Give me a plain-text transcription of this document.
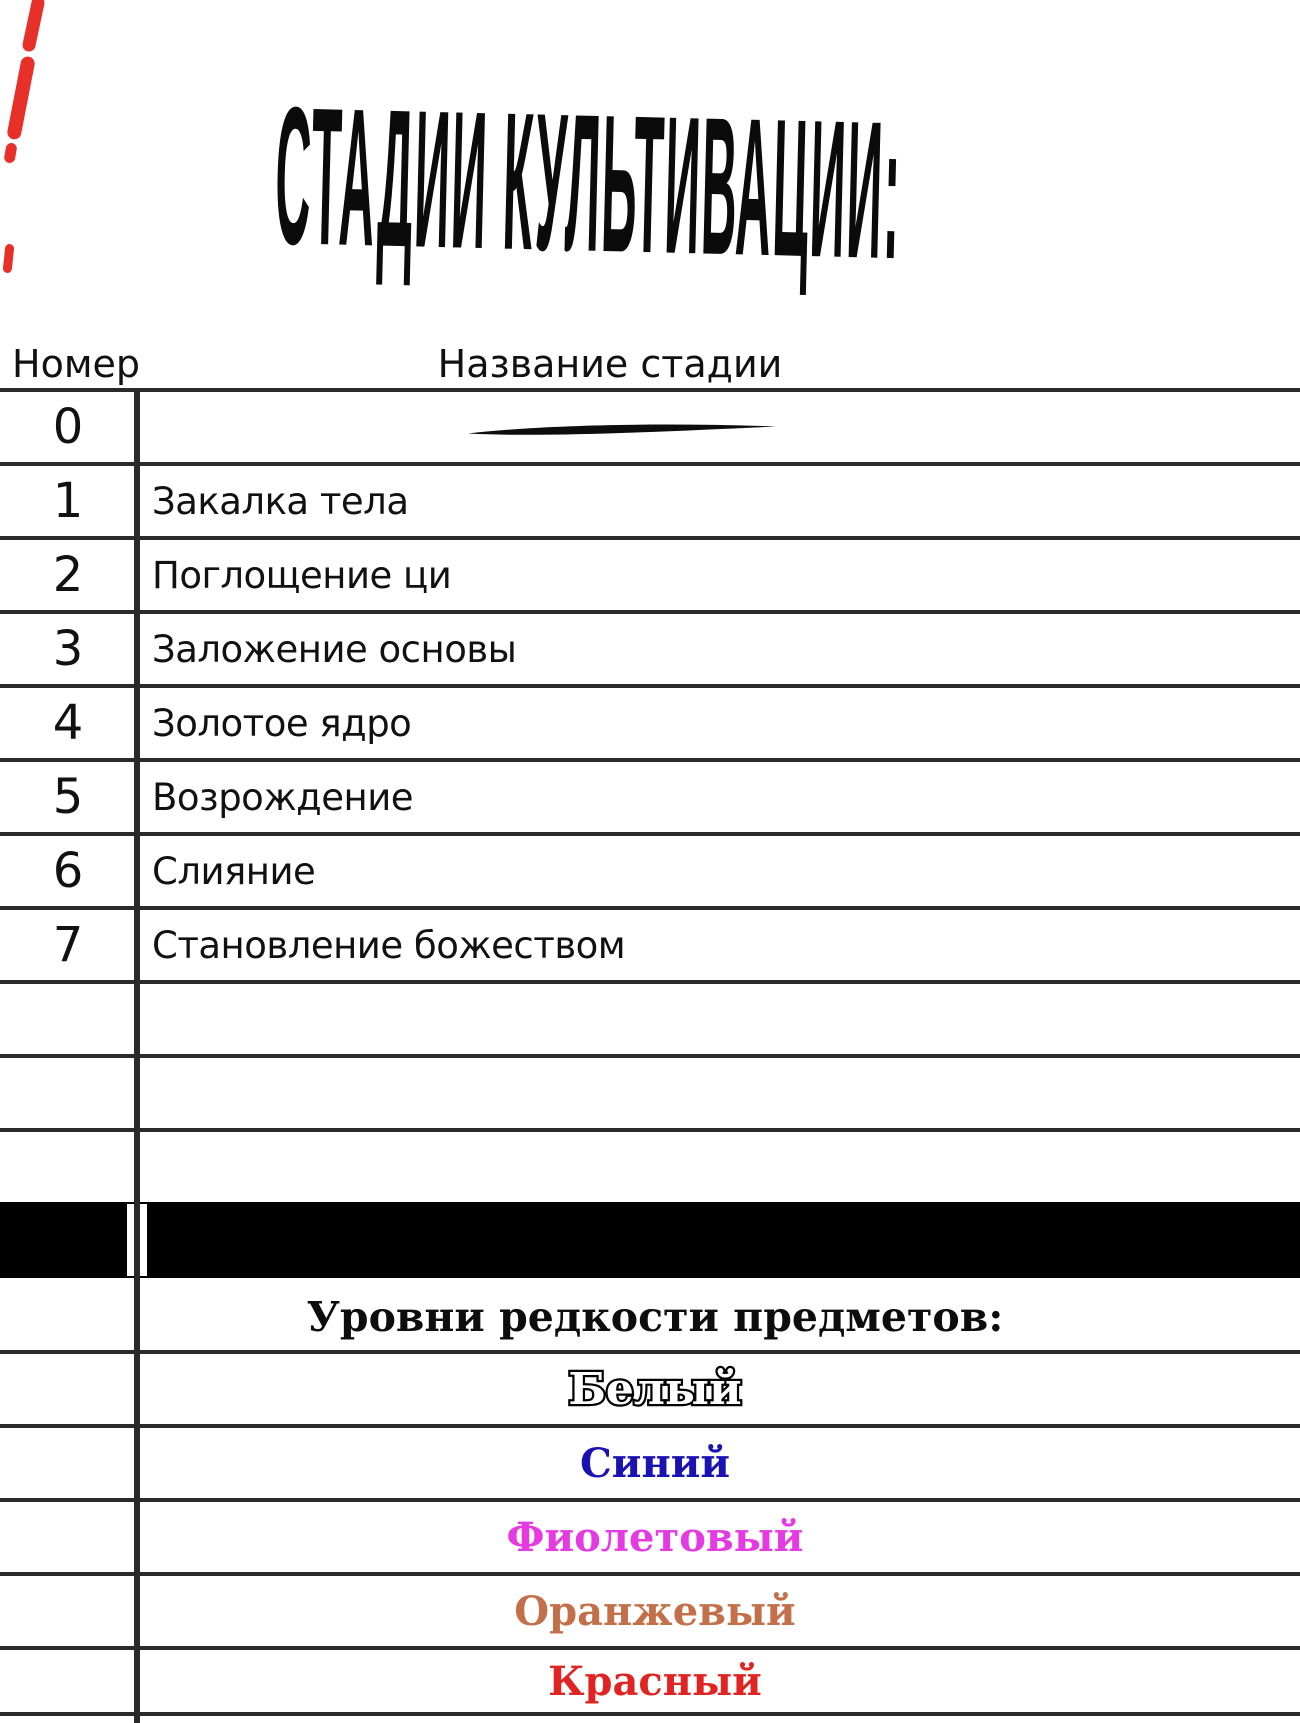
СТАДИИ КУЛЬТИВАЦИИ:
Номер	Название стадии
0
1
2
3
4
5
6
7
Закалка тела
Поглощение ци
Заложение основы
Золотое ядро
Возрождение
Слияние
Становление божеством
Уровни редкости предметов:
Белый
Синий
Фиолетовый
Оранжевый
Красный
